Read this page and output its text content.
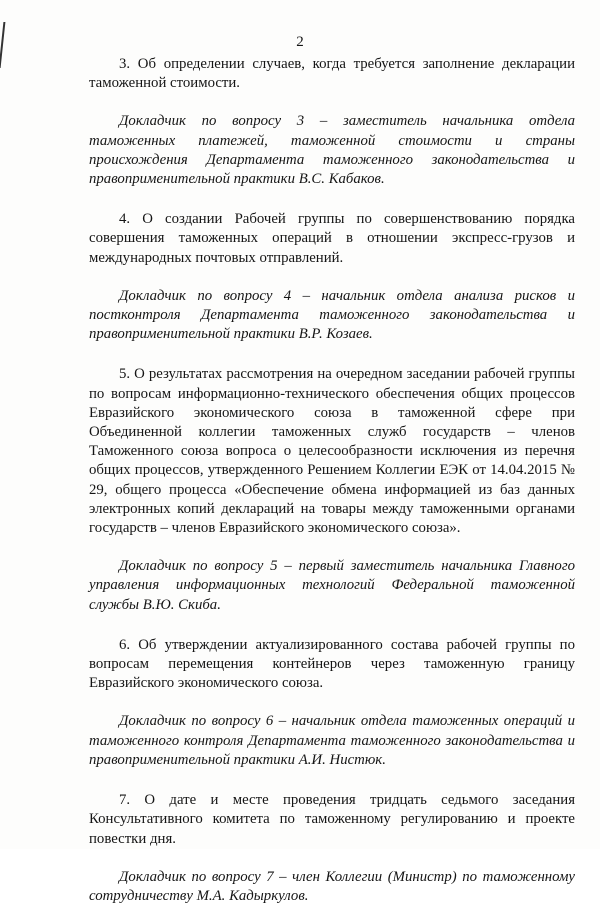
2

3. Об определении случаев, когда требуется заполнение декларации таможенной стоимости.

Докладчик по вопросу 3 – заместитель начальника отдела таможенных платежей, таможенной стоимости и страны происхождения Департамента таможенного законодательства и правоприменительной практики В.С. Кабаков.

4. О создании Рабочей группы по совершенствованию порядка совершения таможенных операций в отношении экспресс-грузов и международных почтовых отправлений.

Докладчик по вопросу 4 – начальник отдела анализа рисков и постконтроля Департамента таможенного законодательства и правоприменительной практики В.Р. Козаев.

5. О результатах рассмотрения на очередном заседании рабочей группы по вопросам информационно-технического обеспечения общих процессов Евразийского экономического союза в таможенной сфере при Объединенной коллегии таможенных служб государств – членов Таможенного союза вопроса о целесообразности исключения из перечня общих процессов, утвержденного Решением Коллегии ЕЭК от 14.04.2015 № 29, общего процесса «Обеспечение обмена информацией из баз данных электронных копий деклараций на товары между таможенными органами государств – членов Евразийского экономического союза».

Докладчик по вопросу 5 – первый заместитель начальника Главного управления информационных технологий Федеральной таможенной службы В.Ю. Скиба.

6. Об утверждении актуализированного состава рабочей группы по вопросам перемещения контейнеров через таможенную границу Евразийского экономического союза.

Докладчик по вопросу 6 – начальник отдела таможенных операций и таможенного контроля Департамента таможенного законодательства и правоприменительной практики А.И. Нистюк.

7. О дате и месте проведения тридцать седьмого заседания Консультативного комитета по таможенному регулированию и проекте повестки дня.

Докладчик по вопросу 7 – член Коллегии (Министр) по таможенному сотрудничеству М.А. Кадыркулов.
